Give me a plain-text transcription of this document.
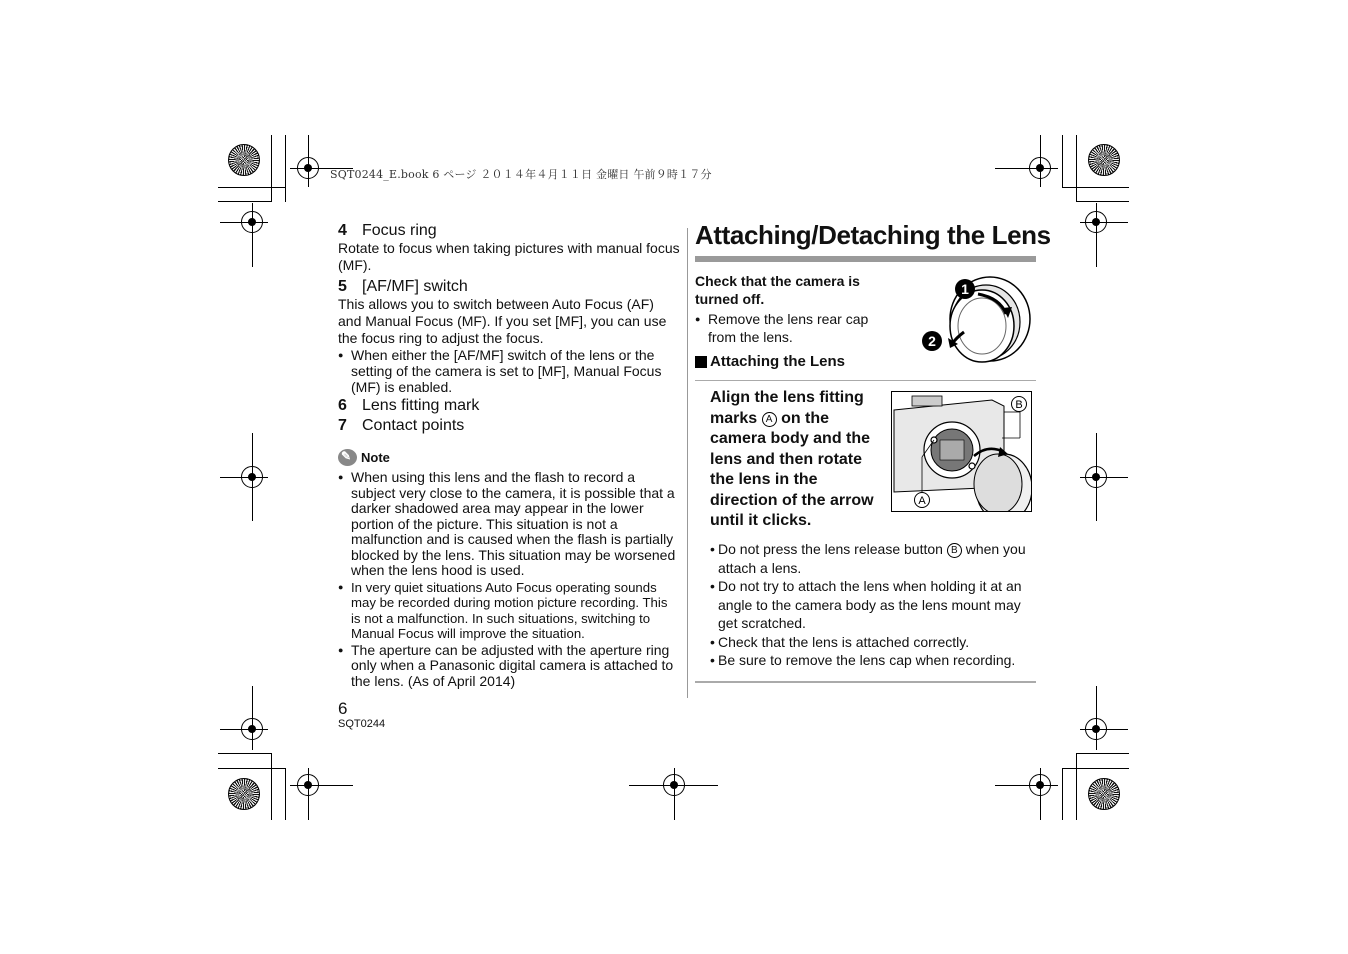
SQT0244_E.book 6 ページ ２０１４年４月１１日 金曜日 午前９時１７分
4 Focus ring
Rotate to focus when taking pictures with manual focus (MF).
5 [AF/MF] switch
This allows you to switch between Auto Focus (AF) and Manual Focus (MF). If you set [MF], you can use the focus ring to adjust the focus.
● When either the [AF/MF] switch of the lens or the setting of the camera is set to [MF], Manual Focus (MF) is enabled.
6 Lens fitting mark
7 Contact points
✎
Note
● When using this lens and the flash to record a subject very close to the camera, it is possible that a darker shadowed area may appear in the lower portion of the picture. This situation is not a malfunction and is caused when the flash is partially blocked by the lens. This situation may be worsened when the lens hood is used.
● In very quiet situations Auto Focus operating sounds may be recorded during motion picture recording. This is not a malfunction. In such situations, switching to Manual Focus will improve the situation.
● The aperture can be adjusted with the aperture ring only when a Panasonic digital camera is attached to the lens. (As of April 2014)
Attaching/Detaching the Lens
Check that the camera is turned off.
● Remove the lens rear cap from the lens.
1
2
Attaching the Lens
Align the lens fitting marks A on the camera body and the lens and then rotate the lens in the direction of the arrow until it clicks.
A
B
• Do not press the lens release button B when you attach a lens.
• Do not try to attach the lens when holding it at an angle to the camera body as the lens mount may get scratched.
• Check that the lens is attached correctly.
• Be sure to remove the lens cap when recording.
6
SQT0244
